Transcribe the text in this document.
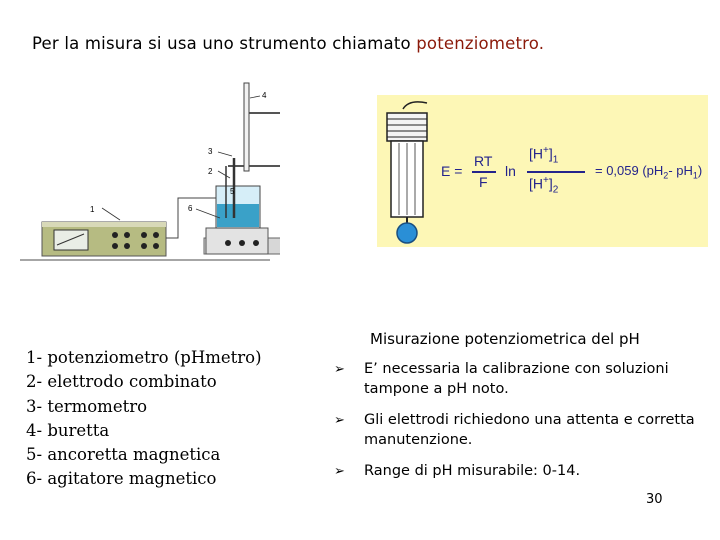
Per la misura si usa uno strumento chiamato potenziometro.
1
2
3
4
5
6
E =
RT
F
ln
$[H^+]_1$
$[H^+]_2$
= 0,059 ($pH_2-$ $pH_1$)
1- potenziometro (pHmetro)
2- elettrodo combinato
3- termometro
4- buretta
5- ancoretta magnetica
6- agitatore magnetico
Misurazione potenziometrica del pH
➢ E’ necessaria la calibrazione con soluzioni tampone a pH noto.
➢ Gli elettrodi richiedono una attenta e corretta manutenzione.
➢ Range di pH misurabile: 0-14.
30
